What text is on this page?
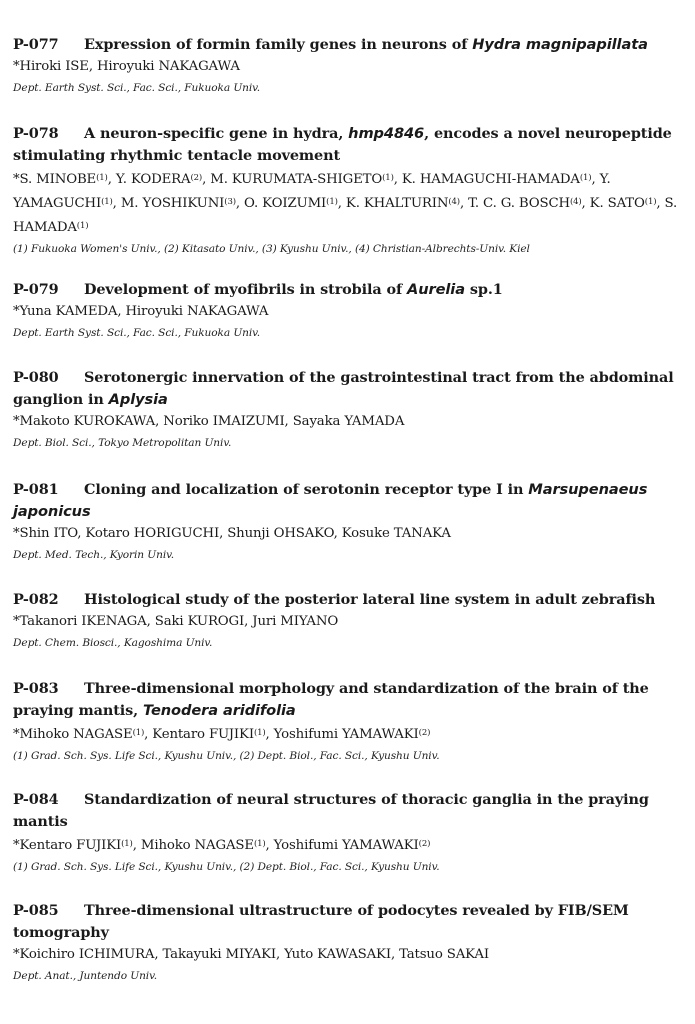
P-077 Expression of formin family genes in neurons of Hydra magnipapillata

*Hiroki ISE, Hiroyuki NAKAGAWA

Dept. Earth Syst. Sci., Fac. Sci., Fukuoka Univ.

P-078 A neuron-specific gene in hydra, hmp4846, encodes a novel neuropeptide stimulating rhythmic tentacle movement

*S. MINOBE$^{(1)}$, Y. KODERA$^{(2)}$, M. KURUMATA-SHIGETO$^{(1)}$, K. HAMAGUCHI-HAMADA$^{(1)}$, Y. YAMAGUCHI$^{(1)}$, M. YOSHIKUNI$^{(3)}$, O. KOIZUMI$^{(1)}$, K. KHALTURIN$^{(4)}$, T. C. G. BOSCH$^{(4)}$, K. SATO$^{(1)}$, S. HAMADA$^{(1)}$

(1) Fukuoka Women's Univ., (2) Kitasato Univ., (3) Kyushu Univ., (4) Christian-Albrechts-Univ. Kiel

P-079 Development of myofibrils in strobila of Aurelia sp.1

*Yuna KAMEDA, Hiroyuki NAKAGAWA

Dept. Earth Syst. Sci., Fac. Sci., Fukuoka Univ.

P-080 Serotonergic innervation of the gastrointestinal tract from the abdominal ganglion in Aplysia

*Makoto KUROKAWA, Noriko IMAIZUMI, Sayaka YAMADA

Dept. Biol. Sci., Tokyo Metropolitan Univ.

P-081 Cloning and localization of serotonin receptor type I in Marsupenaeus japonicus

*Shin ITO, Kotaro HORIGUCHI, Shunji OHSAKO, Kosuke TANAKA

Dept. Med. Tech., Kyorin Univ.

P-082 Histological study of the posterior lateral line system in adult zebrafish

*Takanori IKENAGA, Saki KUROGI, Juri MIYANO

Dept. Chem. Biosci., Kagoshima Univ.

P-083 Three-dimensional morphology and standardization of the brain of the praying mantis, Tenodera aridifolia

*Mihoko NAGASE$^{(1)}$, Kentaro FUJIKI$^{(1)}$, Yoshifumi YAMAWAKI$^{(2)}$

(1) Grad. Sch. Sys. Life Sci., Kyushu Univ., (2) Dept. Biol., Fac. Sci., Kyushu Univ.

P-084 Standardization of neural structures of thoracic ganglia in the praying mantis

*Kentaro FUJIKI$^{(1)}$, Mihoko NAGASE$^{(1)}$, Yoshifumi YAMAWAKI$^{(2)}$

(1) Grad. Sch. Sys. Life Sci., Kyushu Univ., (2) Dept. Biol., Fac. Sci., Kyushu Univ.

P-085 Three-dimensional ultrastructure of podocytes revealed by FIB/SEM tomography

*Koichiro ICHIMURA, Takayuki MIYAKI, Yuto KAWASAKI, Tatsuo SAKAI

Dept. Anat., Juntendo Univ.
